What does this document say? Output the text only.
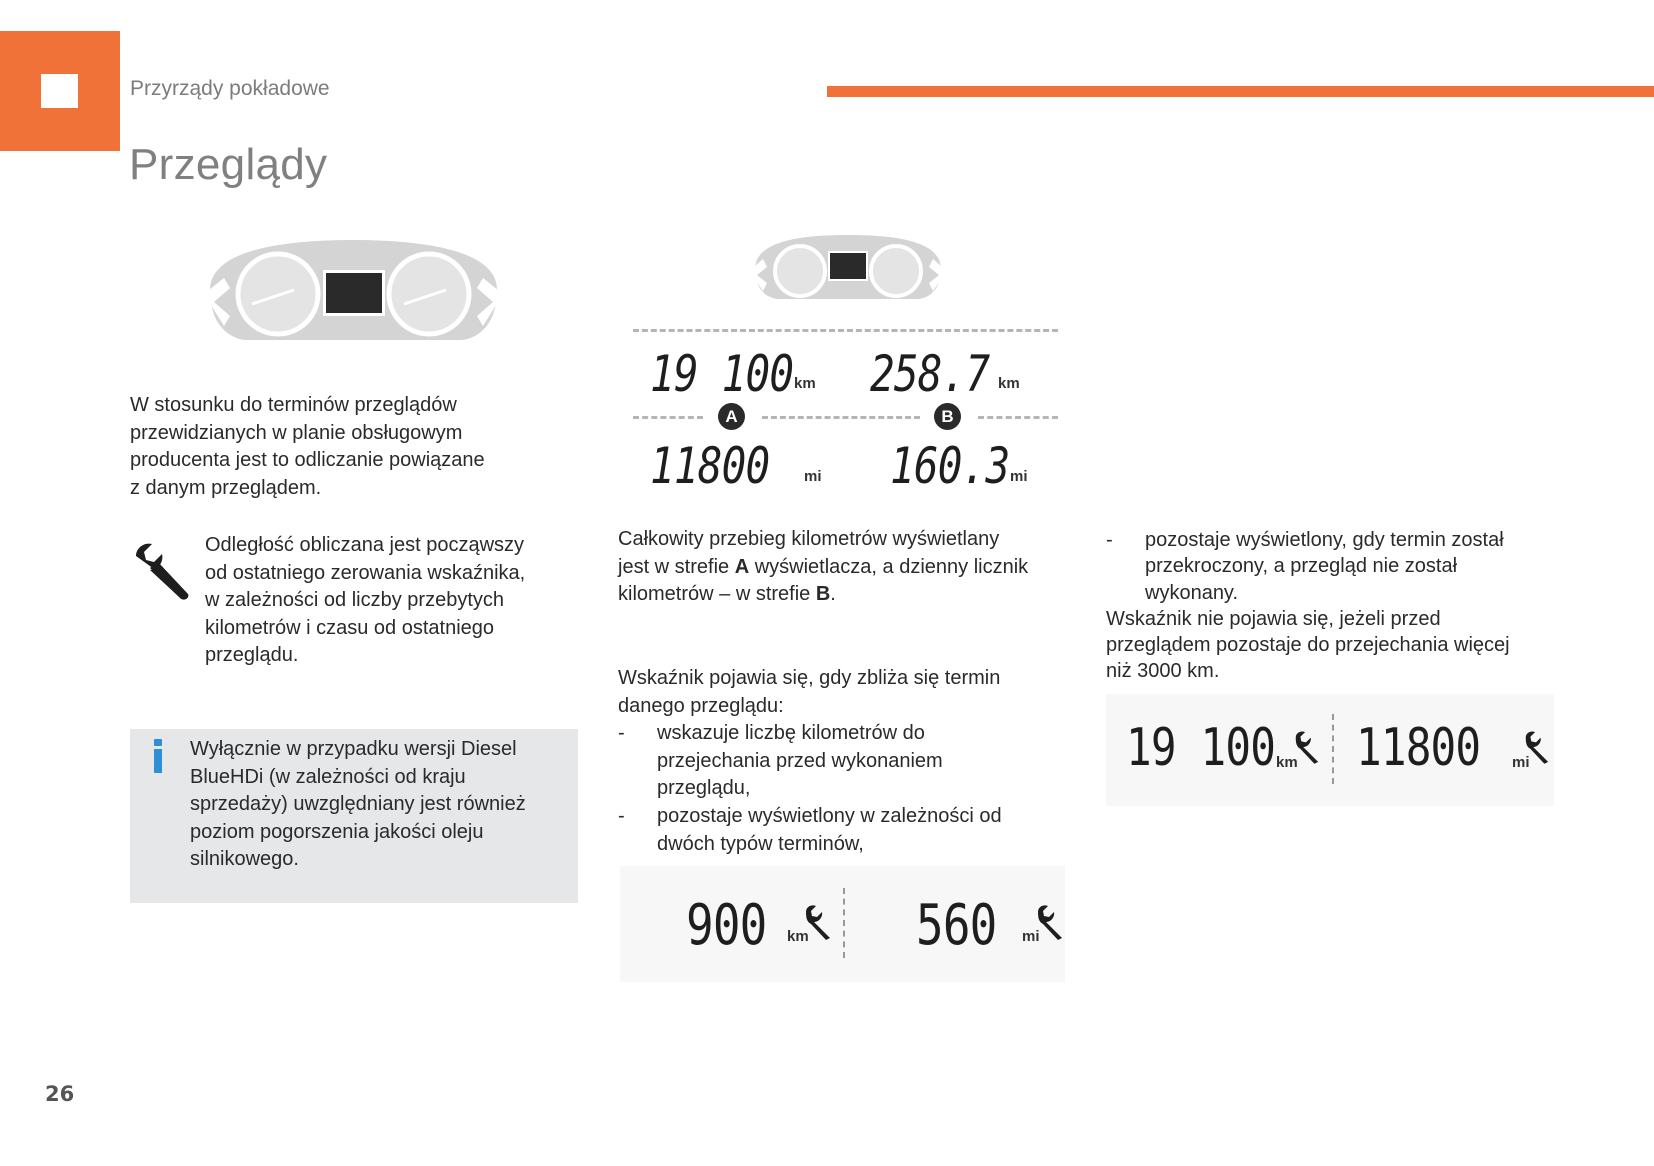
Przyrządy pokładowe
Przeglądy
19 100 km 258.7 km
A	B
11800	mi 160.3 mi

W stosunku do terminów przeglądów

przewidzianych w planie obsługowym

producenta jest to odliczanie powiązane

z danym przeglądem.

Odległość obliczana jest począwszy

od ostatniego zerowania wskaźnika,

w zależności od liczby przebytych

kilometrów i czasu od ostatniego

przeglądu.

Wyłącznie w przypadku wersji Diesel

BlueHDi (w zależności od kraju

sprzedaży) uwzględniany jest również

poziom pogorszenia jakości oleju

silnikowego.

Całkowity przebieg kilometrów wyświetlany

jest w strefie A wyświetlacza, a dzienny licznik

kilometrów – w strefie B.

Wskaźnik pojawia się, gdy zbliża się termin

danego przeglądu:

- wskazuje liczbę kilometrów do

przejechania przed wykonaniem

przeglądu,

- pozostaje wyświetlony w zależności od

dwóch typów terminów,

900	km 560	mi
- pozostaje wyświetlony, gdy termin został

przekroczony, a przegląd nie został

wykonany.

Wskaźnik nie pojawia się, jeżeli przed

przeglądem pozostaje do przejechania więcej

niż 3000 km.

19 100 km 11800	mi
26
